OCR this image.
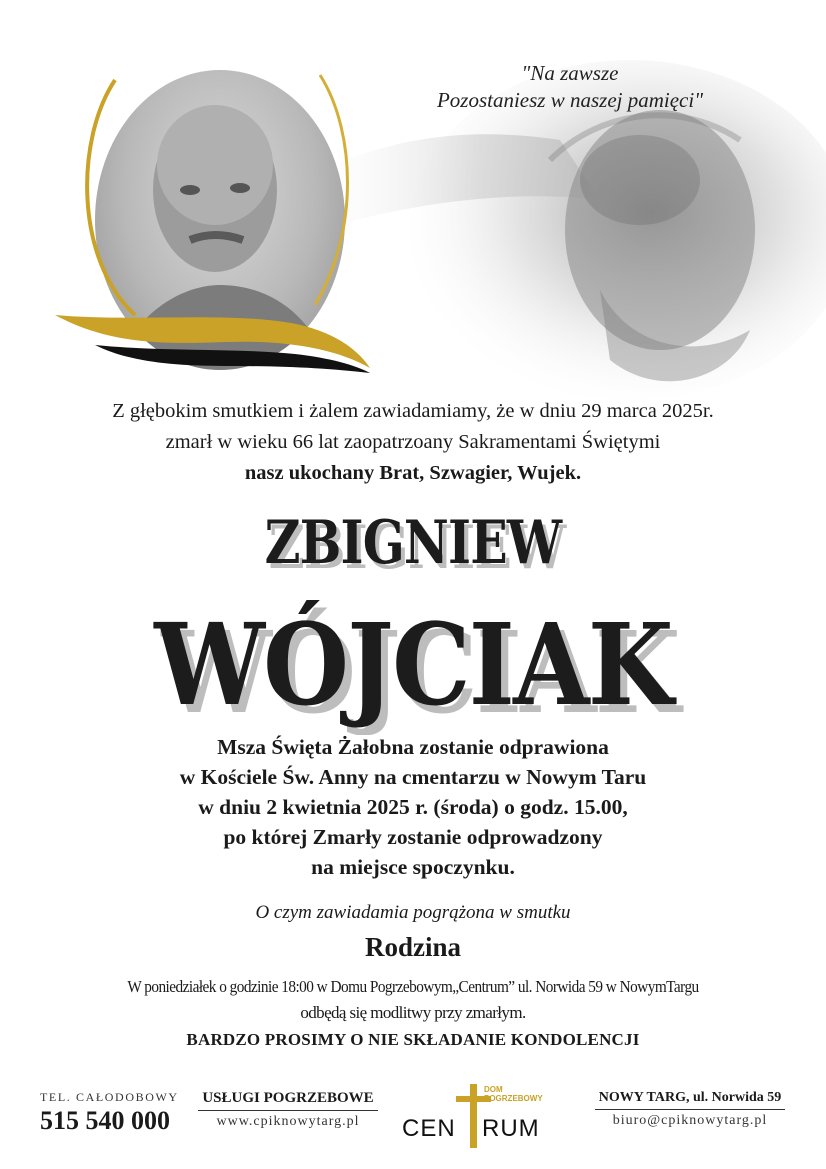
"Na zawsze
Pozostaniesz w naszej pamięci"
Z głębokim smutkiem i żalem zawiadamiamy, że w dniu 29 marca 2025r.
zmarł w wieku 66 lat zaopatrzoany Sakramentami Świętymi
nasz ukochany Brat, Szwagier, Wujek.
ZBIGNIEW
WÓJCIAK
Msza Święta Żałobna zostanie odprawiona
w Kościele Św. Anny na cmentarzu w Nowym Taru
w dniu 2 kwietnia 2025 r. (środa) o godz. 15.00,
po której Zmarły zostanie odprowadzony
na miejsce spoczynku.
O czym zawiadamia pogrążona w smutku
Rodzina
W poniedziałek o godzinie 18:00 w Domu Pogrzebowym„Centrum” ul. Norwida 59 w NowymTargu
odbędą się modlitwy przy zmarłym.
BARDZO PROSIMY O NIE SKŁADANIE KONDOLENCJI
TEL. CAŁODOBOWY
515 540 000
USŁUGI POGRZEBOWE
www.cpiknowytarg.pl
DOM
POGRZEBOWY
CEN RUM
NOWY TARG, ul. Norwida 59
biuro@cpiknowytarg.pl
